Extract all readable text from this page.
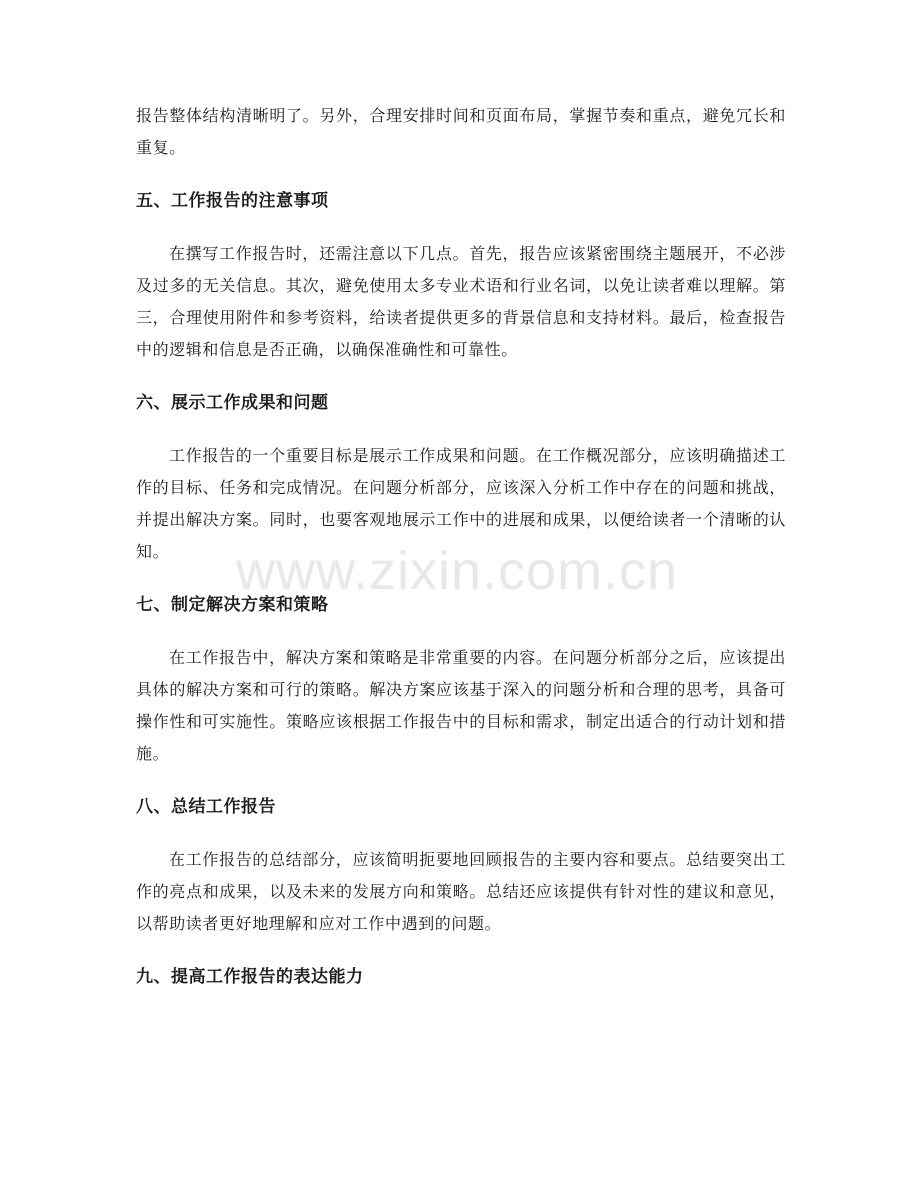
报告整体结构清晰明了。另外，合理安排时间和页面布局，掌握节奏和重点，避免冗长和重复。

五、工作报告的注意事项

在撰写工作报告时，还需注意以下几点。首先，报告应该紧密围绕主题展开，不必涉及过多的无关信息。其次，避免使用太多专业术语和行业名词，以免让读者难以理解。第三，合理使用附件和参考资料，给读者提供更多的背景信息和支持材料。最后，检查报告中的逻辑和信息是否正确，以确保准确性和可靠性。

六、展示工作成果和问题

工作报告的一个重要目标是展示工作成果和问题。在工作概况部分，应该明确描述工作的目标、任务和完成情况。在问题分析部分，应该深入分析工作中存在的问题和挑战，并提出解决方案。同时，也要客观地展示工作中的进展和成果，以便给读者一个清晰的认知。

七、制定解决方案和策略

在工作报告中，解决方案和策略是非常重要的内容。在问题分析部分之后，应该提出具体的解决方案和可行的策略。解决方案应该基于深入的问题分析和合理的思考，具备可操作性和可实施性。策略应该根据工作报告中的目标和需求，制定出适合的行动计划和措施。

八、总结工作报告

在工作报告的总结部分，应该简明扼要地回顾报告的主要内容和要点。总结要突出工作的亮点和成果，以及未来的发展方向和策略。总结还应该提供有针对性的建议和意见，以帮助读者更好地理解和应对工作中遇到的问题。

九、提高工作报告的表达能力
www.zixin.com.cn
